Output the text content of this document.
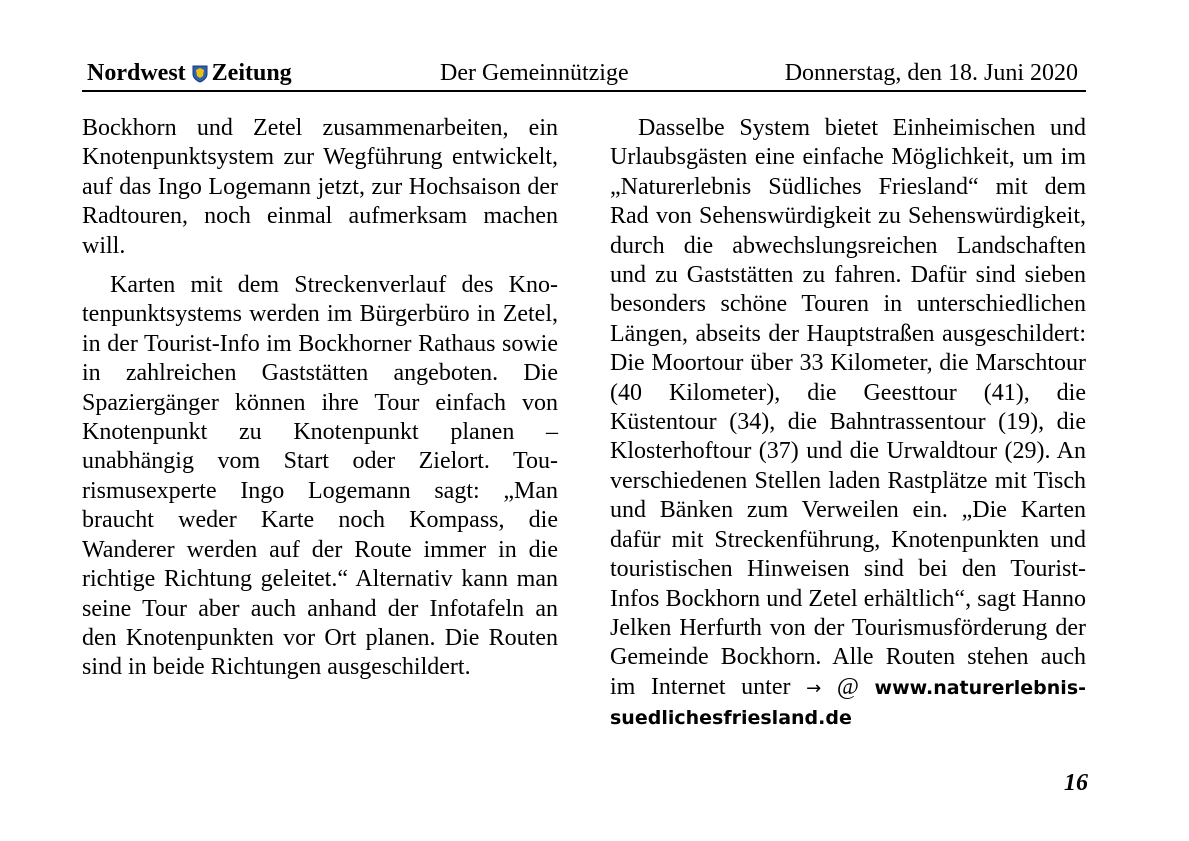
Nordwest Zeitung	Der Gemeinnützige	Donnerstag, den 18. Juni 2020

Bockhorn und Zetel zusammenarbeiten, ein Knotenpunktsystem zur Wegführung entwickelt, auf das Ingo Logemann jetzt, zur Hochsaison der Radtouren, noch einmal aufmerksam machen will.

Karten mit dem Streckenverlauf des Knotenpunktsystems werden im Bürgerbüro in Zetel, in der Tourist-Info im Bockhorner Rathaus sowie in zahlreichen Gaststätten angeboten. Die Spaziergänger können ihre Tour einfach von Knotenpunkt zu Knotenpunkt planen – unabhängig vom Start oder Zielort. Tourismusexperte Ingo Logemann sagt: „Man braucht weder Karte noch Kompass, die Wanderer werden auf der Route immer in die richtige Richtung geleitet.“ Alternativ kann man seine Tour aber auch anhand der Infotafeln an den Knotenpunkten vor Ort planen. Die Routen sind in beide Richtungen ausgeschildert.

Dasselbe System bietet Einheimischen und Urlaubsgästen eine einfache Möglichkeit, um im „Naturerlebnis Südliches Friesland“ mit dem Rad von Sehenswürdigkeit zu Sehenswürdigkeit, durch die abwechslungsreichen Landschaften und zu Gaststätten zu fahren. Dafür sind sieben besonders schöne Touren in unterschiedlichen Längen, abseits der Hauptstraßen ausgeschildert: Die Moortour über 33 Kilometer, die Marschtour (40 Kilometer), die Geesttour (41), die Küstentour (34), die Bahntrassentour (19), die Klosterhoftour (37) und die Urwaldtour (29). An verschiedenen Stellen laden Rastplätze mit Tisch und Bänken zum Verweilen ein. „Die Karten dafür mit Streckenführung, Knotenpunkten und touristischen Hinweisen sind bei den Tourist-Infos Bockhorn und Zetel erhältlich“, sagt Hanno Jelken Herfurth von der Tourismusförderung der Gemeinde Bockhorn. Alle Routen stehen auch im Internet unter → @ www.naturerlebnis-suedlichesfriesland.de

16
